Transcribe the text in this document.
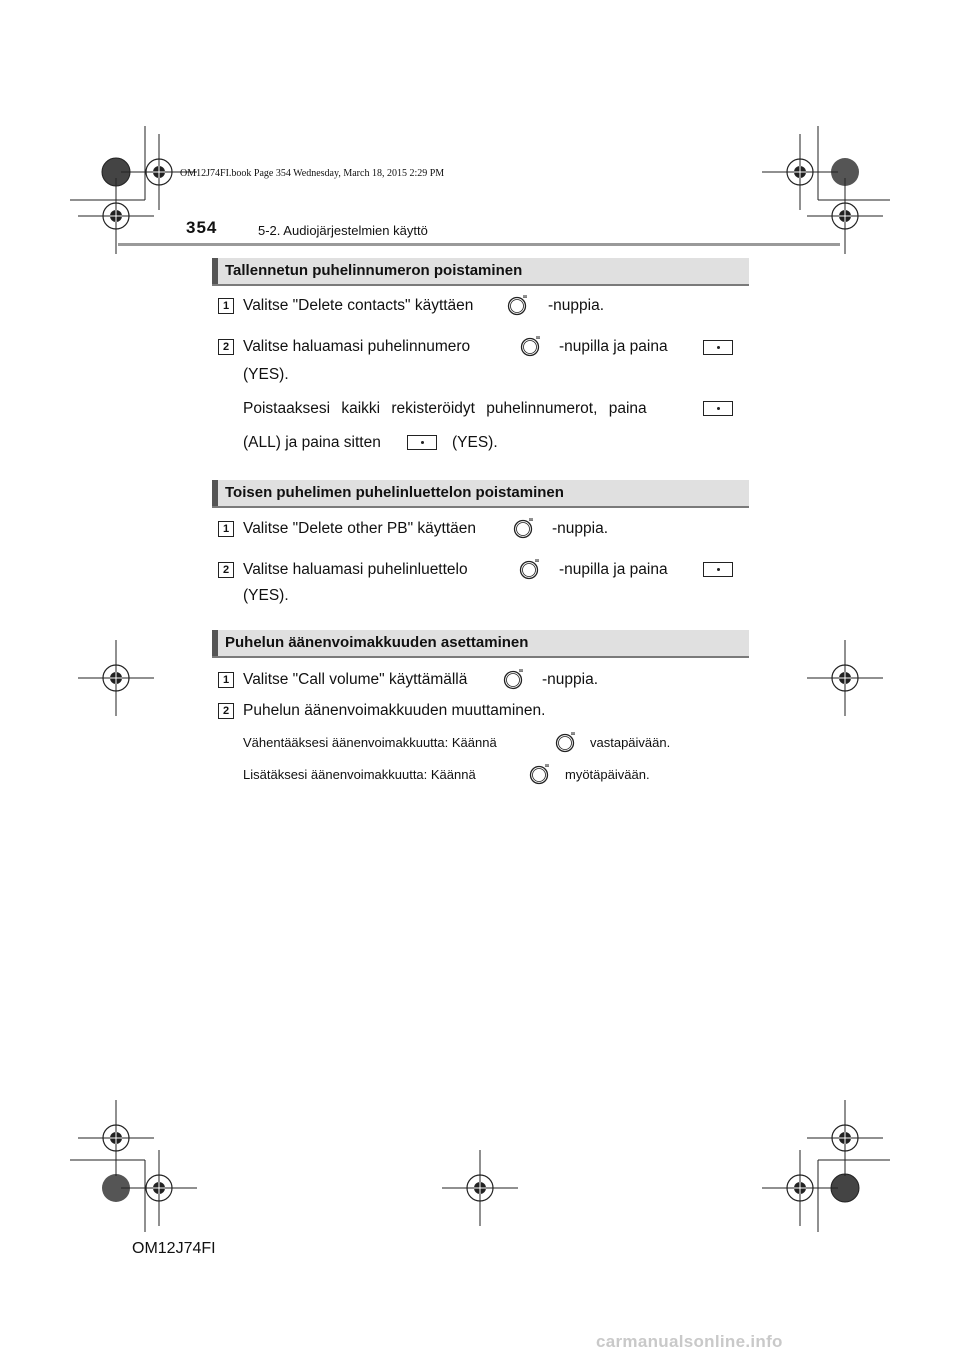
OM12J74FI.book Page 354 Wednesday, March 18, 2015 2:29 PM
354	5-2. Audiojärjestelmien käyttö
Tallennetun puhelinnumeron poistaminen
1 Valitse "Delete contacts" käyttäen	-nuppia.
2 Valitse haluamasi puhelinnumero	-nupilla ja paina
(YES).
Poistaaksesi kaikki rekisteröidyt puhelinnumerot, paina
(ALL) ja paina sitten	(YES).
Toisen puhelimen puhelinluettelon poistaminen
1 Valitse "Delete other PB" käyttäen	-nuppia.
2 Valitse haluamasi puhelinluettelo	-nupilla ja paina
(YES).
Puhelun äänenvoimakkuuden asettaminen
1 Valitse "Call volume" käyttämällä	-nuppia.
2 Puhelun äänenvoimakkuuden muuttaminen.
Vähentääksesi äänenvoimakkuutta: Käännä	vastapäivään.
Lisätäksesi äänenvoimakkuutta: Käännä	myötäpäivään.
OM12J74FI
carmanualsonline.info
